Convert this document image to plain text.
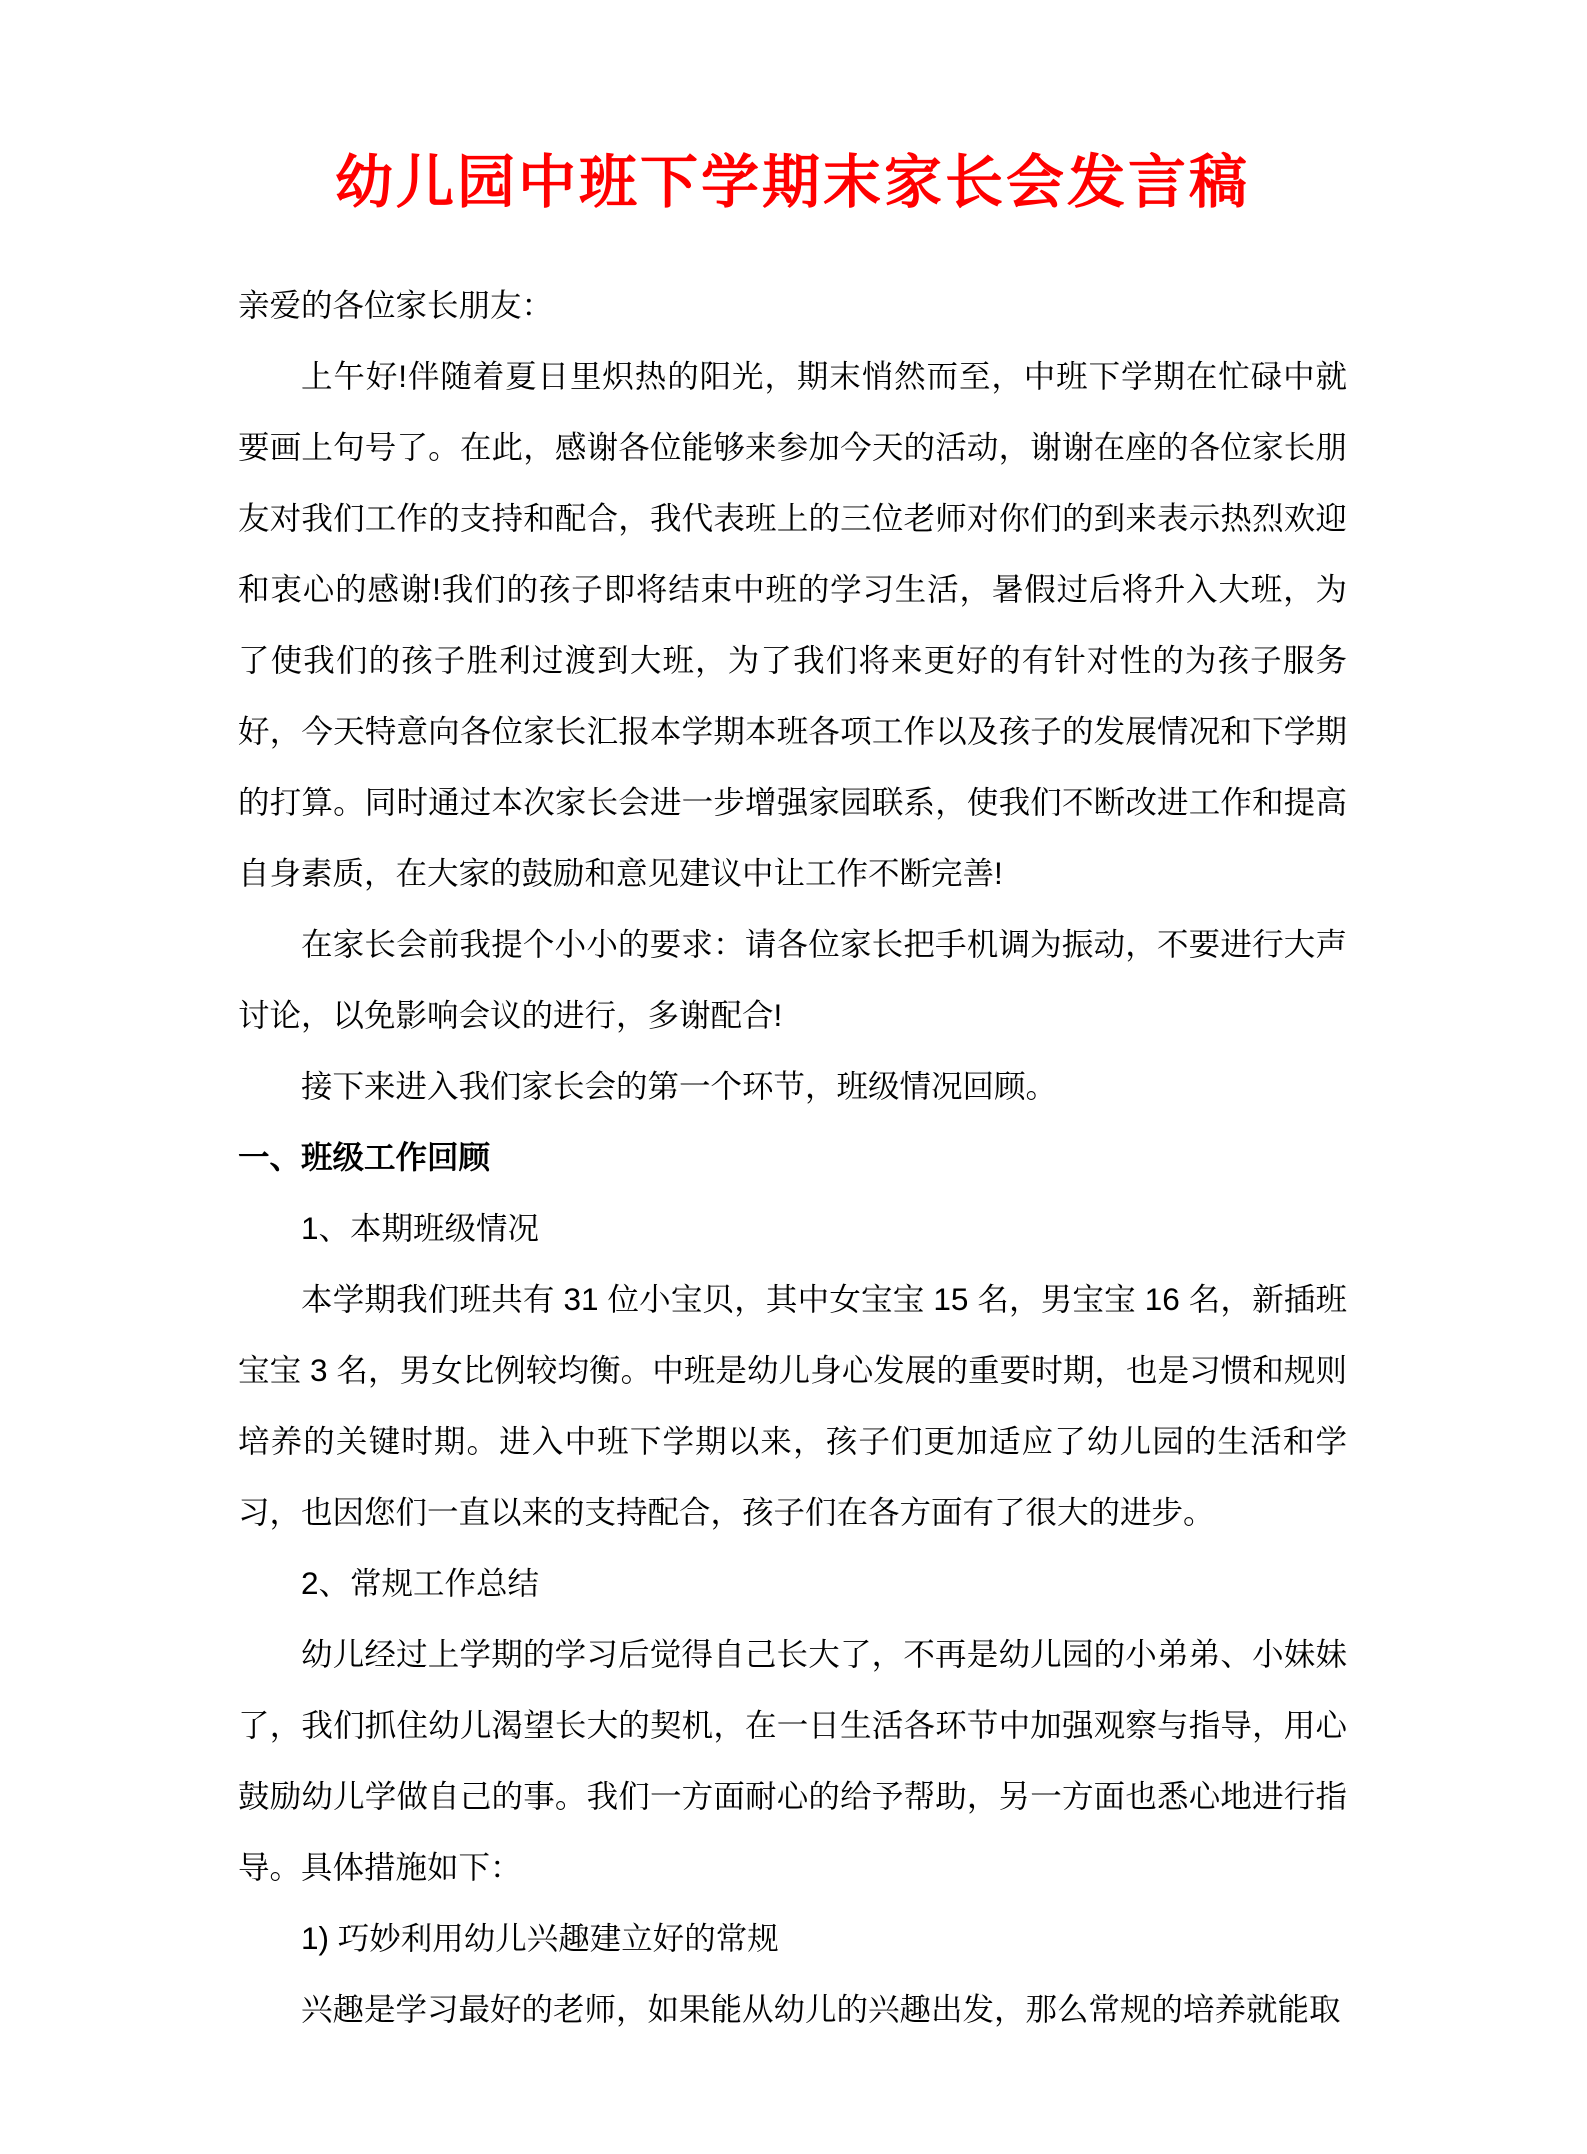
幼儿园中班下学期末家长会发言稿

亲爱的各位家长朋友：

上午好!伴随着夏日里炽热的阳光，期末悄然而至，中班下学期在忙碌中就要画上句号了。在此，感谢各位能够来参加今天的活动，谢谢在座的各位家长朋友对我们工作的支持和配合，我代表班上的三位老师对你们的到来表示热烈欢迎和衷心的感谢!我们的孩子即将结束中班的学习生活，暑假过后将升入大班，为了使我们的孩子胜利过渡到大班，为了我们将来更好的有针对性的为孩子服务好，今天特意向各位家长汇报本学期本班各项工作以及孩子的发展情况和下学期的打算。同时通过本次家长会进一步增强家园联系，使我们不断改进工作和提高自身素质，在大家的鼓励和意见建议中让工作不断完善!

在家长会前我提个小小的要求：请各位家长把手机调为振动，不要进行大声讨论，以免影响会议的进行，多谢配合!

接下来进入我们家长会的第一个环节，班级情况回顾。

一、班级工作回顾

1、本期班级情况

本学期我们班共有 31 位小宝贝，其中女宝宝 15 名，男宝宝 16 名，新插班宝宝 3 名，男女比例较均衡。中班是幼儿身心发展的重要时期，也是习惯和规则培养的关键时期。进入中班下学期以来，孩子们更加适应了幼儿园的生活和学习，也因您们一直以来的支持配合，孩子们在各方面有了很大的进步。

2、常规工作总结

幼儿经过上学期的学习后觉得自己长大了，不再是幼儿园的小弟弟、小妹妹了，我们抓住幼儿渴望长大的契机，在一日生活各环节中加强观察与指导，用心鼓励幼儿学做自己的事。我们一方面耐心的给予帮助，另一方面也悉心地进行指导。具体措施如下：

1) 巧妙利用幼儿兴趣建立好的常规

兴趣是学习最好的老师，如果能从幼儿的兴趣出发，那么常规的培养就能取
